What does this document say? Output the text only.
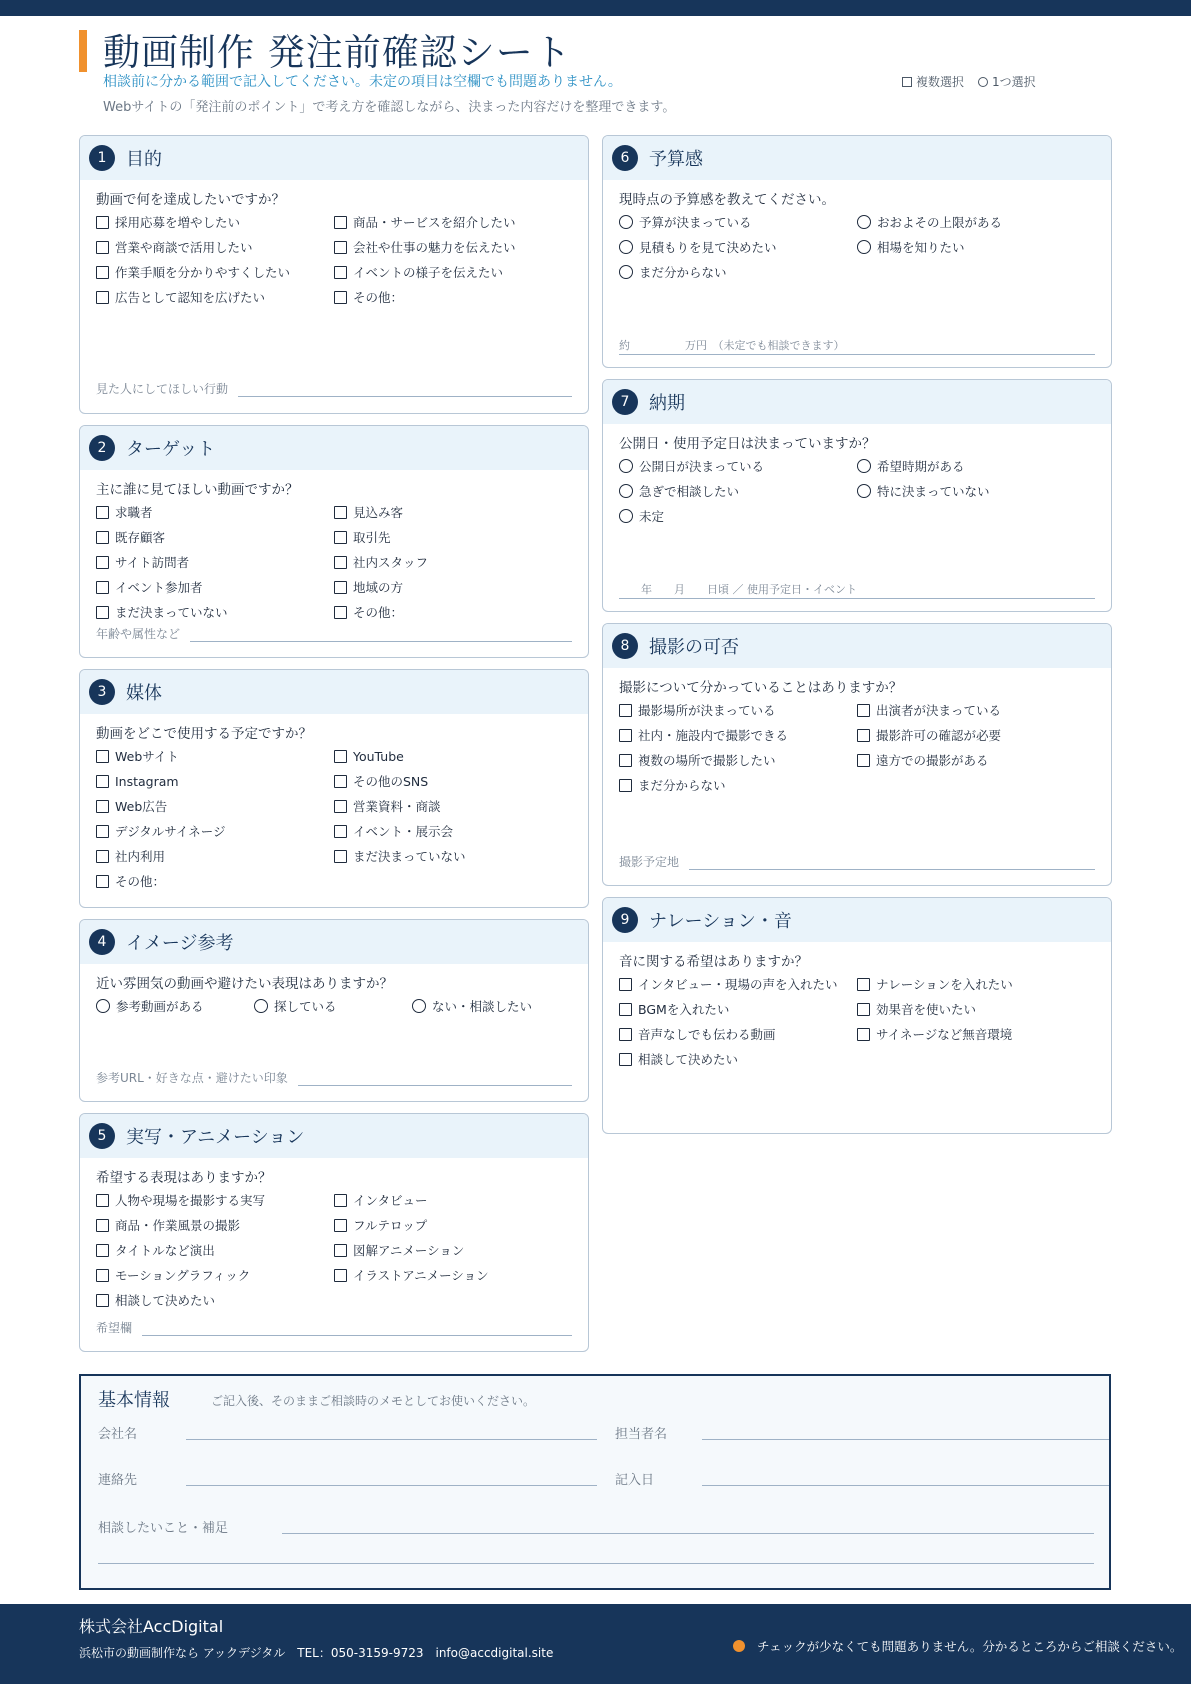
動画制作 発注前確認シート
相談前に分かる範囲で記入してください。未定の項目は空欄でも問題ありません。
Webサイトの「発注前のポイント」で考え方を確認しながら、決まった内容だけを整理できます。
複数選択 1つ選択
1	目的
動画で何を達成したいですか？
採用応募を増やしたい	商品・サービスを紹介したい
営業や商談で活用したい	会社や仕事の魅力を伝えたい
作業手順を分かりやすくしたい	イベントの様子を伝えたい
広告として認知を広げたい	その他：
見た人にしてほしい行動
2	ターゲット
主に誰に見てほしい動画ですか？
求職者	見込み客
既存顧客	取引先
サイト訪問者	社内スタッフ
イベント参加者	地域の方
まだ決まっていない	その他：
年齢や属性など
3	媒体
動画をどこで使用する予定ですか？
Webサイト	YouTube
Instagram	その他のSNS
Web広告	営業資料・商談
デジタルサイネージ	イベント・展示会
社内利用	まだ決まっていない
その他：
4	イメージ参考
近い雰囲気の動画や避けたい表現はありますか？
参考動画がある	探している	ない・相談したい
参考URL・好きな点・避けたい印象
5	実写・アニメーション
希望する表現はありますか？
人物や現場を撮影する実写	インタビュー
商品・作業風景の撮影	フルテロップ
タイトルなど演出	図解アニメーション
モーショングラフィック	イラストアニメーション
相談して決めたい
希望欄
6	予算感
現時点の予算感を教えてください。
予算が決まっている	おおよその上限がある
見積もりを見て決めたい	相場を知りたい
まだ分からない
約　　　　　万円　（未定でも相談できます）
7	納期
公開日・使用予定日は決まっていますか？
公開日が決まっている	希望時期がある
急ぎで相談したい	特に決まっていない
未定
　　年　　月　　日頃 ／ 使用予定日・イベント
8	撮影の可否
撮影について分かっていることはありますか？
撮影場所が決まっている	出演者が決まっている
社内・施設内で撮影できる	撮影許可の確認が必要
複数の場所で撮影したい	遠方での撮影がある
まだ分からない
撮影予定地
9	ナレーション・音
音に関する希望はありますか？
インタビュー・現場の声を入れたい	ナレーションを入れたい
BGMを入れたい	効果音を使いたい
音声なしでも伝わる動画	サイネージなど無音環境
相談して決めたい
基本情報	ご記入後、そのままご相談時のメモとしてお使いください。
会社名	担当者名
連絡先	記入日
相談したいこと・補足
株式会社AccDigital
浜松市の動画制作なら アックデジタル　TEL：050-3159-9723　info@accdigital.site	チェックが少なくても問題ありません。分かるところからご相談ください。
